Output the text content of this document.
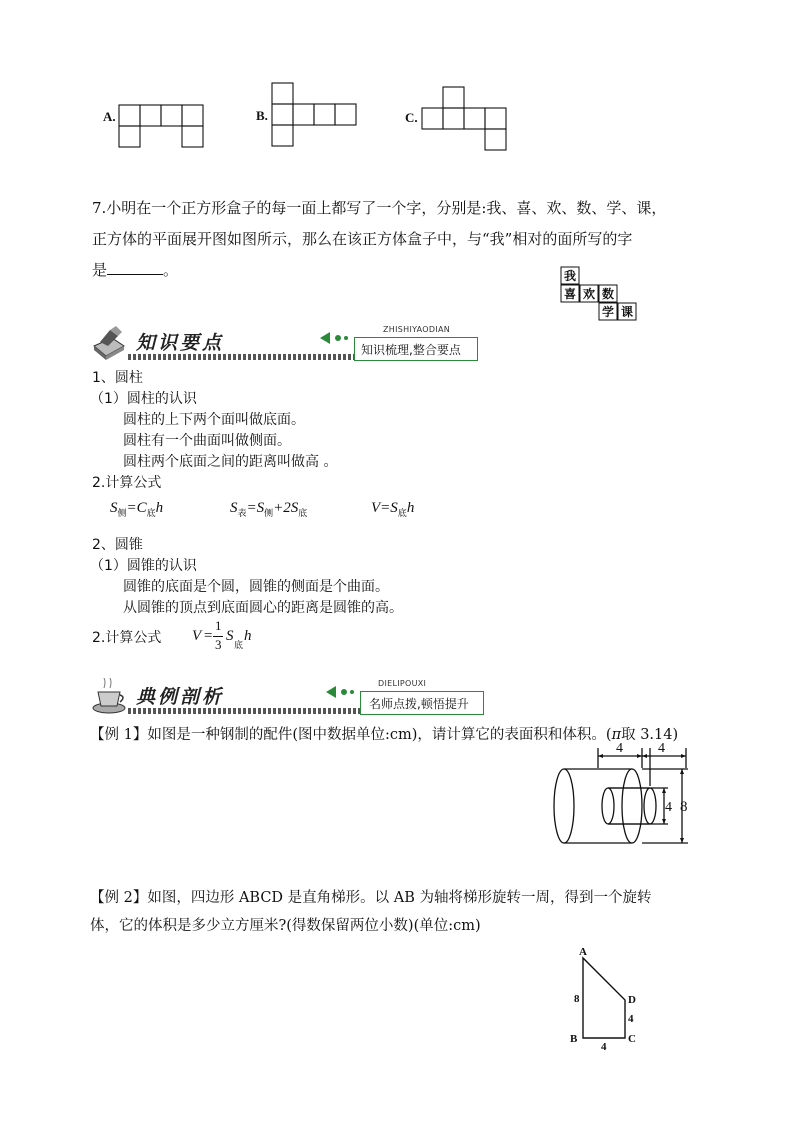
A.	B.	C.
7.小明在一个正方形盒子的每一面上都写了一个字，分别是:我、喜、欢、数、学、课，
正方体的平面展开图如图所示，那么在该正方体盒子中，与“我”相对的面所写的字
是	。	我
喜 欢 数
学 课
知识要点
ZHISHIYAODIAN
知识梳理,整合要点
1、圆柱
（1）圆柱的认识
圆柱的上下两个面叫做底面。
圆柱有一个曲面叫做侧面。
圆柱两个底面之间的距离叫做高 。
2.计算公式
$S_侧=C_底h$	$S_表=S_侧+2S_底$	$V=S_底h$
2、圆锥
（1）圆锥的认识
圆锥的底面是个圆，圆锥的侧面是个曲面。
从圆锥的顶点到底面圆心的距离是圆锥的高。
2.计算公式 V =
1
3
S
底
h
典例剖析
DIELIPOUXI
名师点拨,顿悟提升
【例 1】如图是一种钢制的配件(图中数据单位:cm)，请计算它的表面积和体积。(π取 3.14)
4	4
4 8
【例 2】如图，四边形 ABCD 是直角梯形。以 AB 为轴将梯形旋转一周，得到一个旋转
体，它的体积是多少立方厘米?(得数保留两位小数)(单位:cm)
A
B	C
D
8
4
4
